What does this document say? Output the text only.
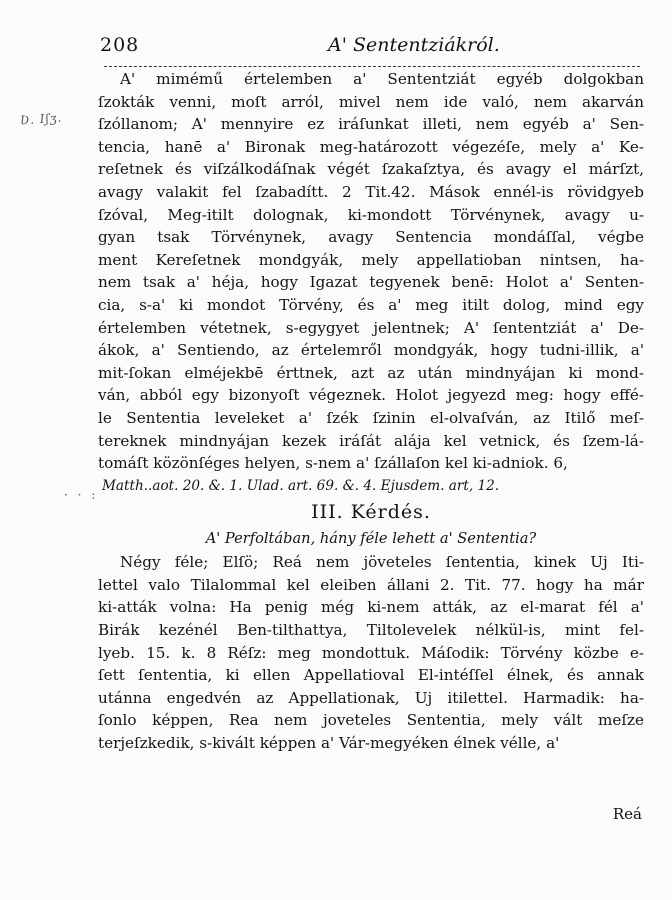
208	A' Sententziákról.
Ʋ. Iʃʒ.
· · :
A' mimémű értelemben a' Sententziát egyéb dolgokban
ſzokták venni, moſt arról, mivel nem ide való, nem akarván
ſzóllanom; A' mennyire ez iráſunkat illeti, nem egyéb a' Sen-
tencia, hanē a' Bironak meg-határozott végezéſe, mely a' Ke-
reſetnek és viſzálkodáſnak végét ſzakaſztya, és avagy el márſzt,
avagy valakit fel ſzabadítt. 2 Tit.42. Mások ennél-is rövidgyeb
ſzóval, Meg-itilt dolognak, ki-mondott Törvénynek, avagy u-
gyan tsak Törvénynek, avagy Sentencia mondáſſal, végbe
ment Kereſetnek mondgyák, mely appellatioban nintsen, ha-
nem tsak a' héja, hogy Igazat tegyenek benē: Holot a' Senten-
cia, s-a' ki mondot Törvény, és a' meg itilt dolog, mind egy
értelemben vétetnek, s-egygyet jelentnek; A' ſententziát a' De-
ákok, a' Sentiendo, az értelemről mondgyák, hogy tudni-illik, a'
mit-ſokan elméjekbē érttnek, azt az után mindnyájan ki mond-
ván, abból egy bizonyoſt végeznek. Holot jegyezd meg: hogy effé-
le Sententia leveleket a' ſzék ſzinin el-olvaſván, az Itilő meſ-
tereknek mindnyájan kezek iráſát alája kel vetnick, és ſzem-lá-
tomáſt közönſéges helyen, s-nem a' ſzállaſon kel ki-adniok. 6,
Matth..aot. 20. &. 1. Ulad. art. 69. &. 4. Ejusdem. art, 12.
III. Kérdés.
A' Perfoltában, hány féle lehett a' Sententia?
Négy féle; Elſö; Reá nem jöveteles ſententia, kinek Uj Iti-
lettel valo Tilalommal kel eleiben állani 2. Tit. 77. hogy ha már
ki-atták volna: Ha penig még ki-nem atták, az el-marat fél a'
Birák kezénél Ben-tilthattya, Tiltolevelek nélkül-is, mint fel-
lyeb. 15. k. 8 Réſz: meg mondottuk. Máſodik: Törvény közbe e-
ſett ſententia, ki ellen Appellatioval El-intéſſel élnek, és annak
utánna engedvén az Appellationak, Uj itilettel. Harmadik: ha-
ſonlo képpen, Rea nem joveteles Sententia, mely vált meſze
terjeſzkedik, s-kivált képpen a' Vár-megyéken élnek vélle, a'
Reá
